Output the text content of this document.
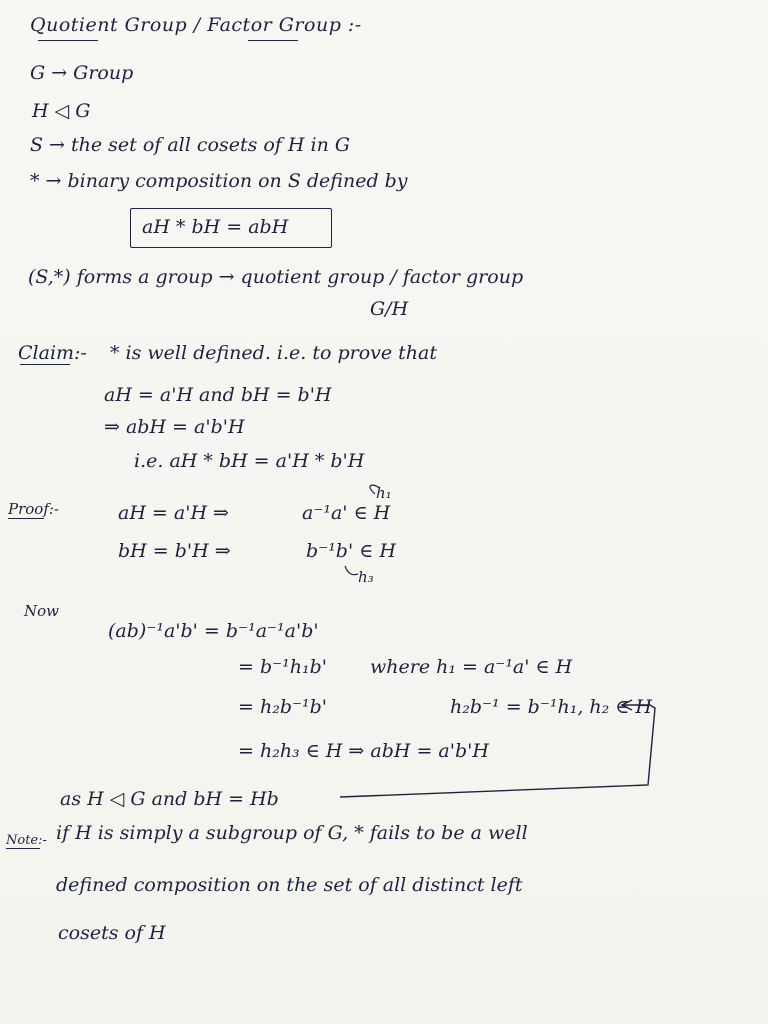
Quotient Group / Factor Group :-
G → Group
H ◁ G
S → the set of all cosets of H in G
* → binary composition on S defined by
aH * bH = abH
(S,*) forms a group → quotient group / factor group
G/H
Claim:- * is well defined. i.e. to prove that
aH = a'H and bH = b'H
⇒ abH = a'b'H
i.e. aH * bH = a'H * b'H
Proof:-	aH = a'H ⇒	a⁻¹a' ∈ H
h₁
bH = b'H ⇒	b⁻¹b' ∈ H
h₃
Now
(ab)⁻¹a'b' = b⁻¹a⁻¹a'b'
= b⁻¹h₁b' where h₁ = a⁻¹a' ∈ H
= h₂b⁻¹b'	h₂b⁻¹ = b⁻¹h₁, h₂ ∈ H
= h₂h₃ ∈ H ⇒ abH = a'b'H
as H ◁ G and bH = Hb
Note:- if H is simply a subgroup of G, * fails to be a well
defined composition on the set of all distinct left
cosets of H
